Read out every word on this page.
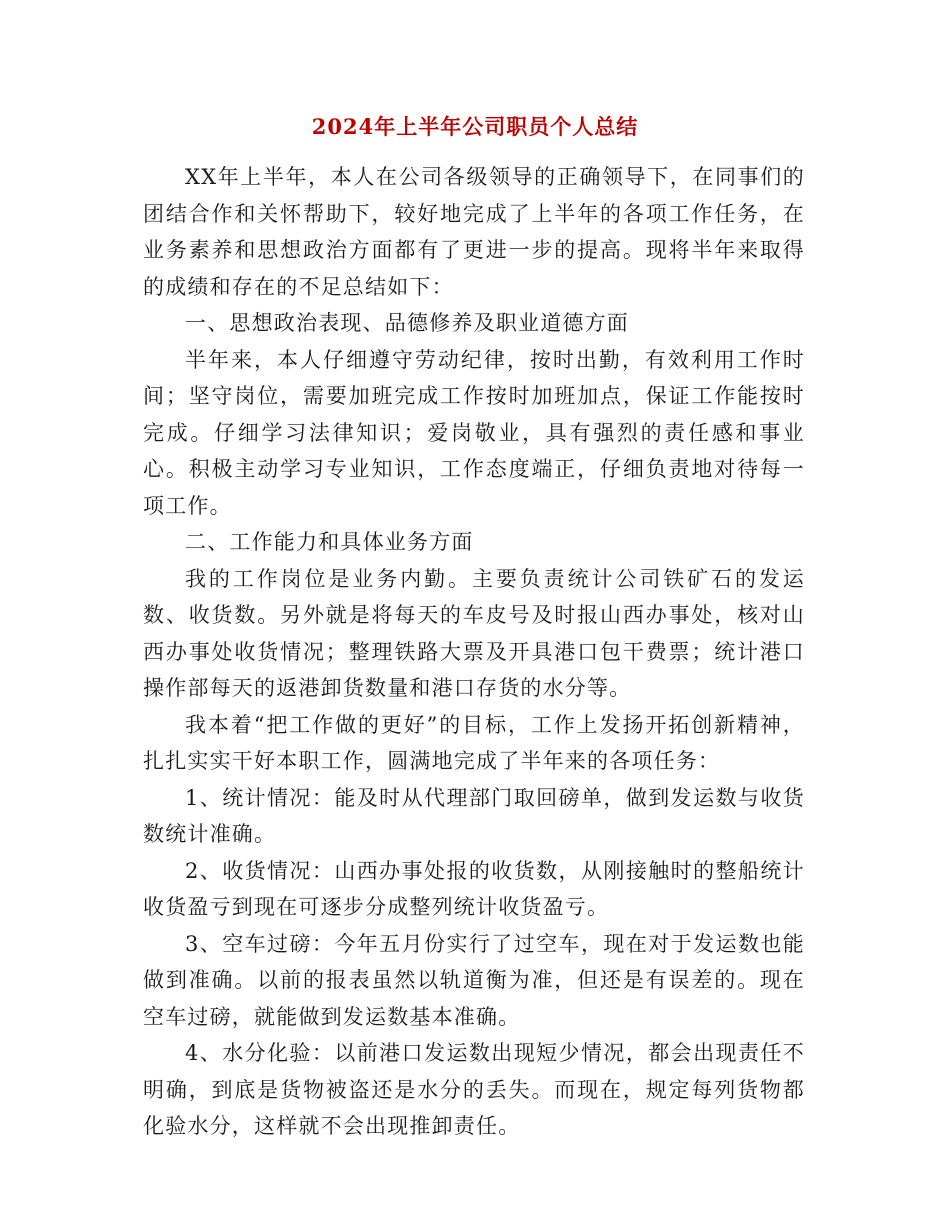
2024年上半年公司职员个人总结

XX年上半年，本人在公司各级领导的正确领导下，在同事们的团结合作和关怀帮助下，较好地完成了上半年的各项工作任务，在业务素养和思想政治方面都有了更进一步的提高。现将半年来取得的成绩和存在的不足总结如下：

一、思想政治表现、品德修养及职业道德方面

半年来，本人仔细遵守劳动纪律，按时出勤，有效利用工作时间；坚守岗位，需要加班完成工作按时加班加点，保证工作能按时完成。仔细学习法律知识；爱岗敬业，具有强烈的责任感和事业心。积极主动学习专业知识，工作态度端正，仔细负责地对待每一项工作。

二、工作能力和具体业务方面

我的工作岗位是业务内勤。主要负责统计公司铁矿石的发运数、收货数。另外就是将每天的车皮号及时报山西办事处，核对山西办事处收货情况；整理铁路大票及开具港口包干费票；统计港口操作部每天的返港卸货数量和港口存货的水分等。

我本着“把工作做的更好”的目标，工作上发扬开拓创新精神，扎扎实实干好本职工作，圆满地完成了半年来的各项任务：

1、统计情况：能及时从代理部门取回磅单，做到发运数与收货数统计准确。

2、收货情况：山西办事处报的收货数，从刚接触时的整船统计收货盈亏到现在可逐步分成整列统计收货盈亏。

3、空车过磅：今年五月份实行了过空车，现在对于发运数也能做到准确。以前的报表虽然以轨道衡为准，但还是有误差的。现在空车过磅，就能做到发运数基本准确。

4、水分化验：以前港口发运数出现短少情况，都会出现责任不明确，到底是货物被盗还是水分的丢失。而现在，规定每列货物都化验水分，这样就不会出现推卸责任。
